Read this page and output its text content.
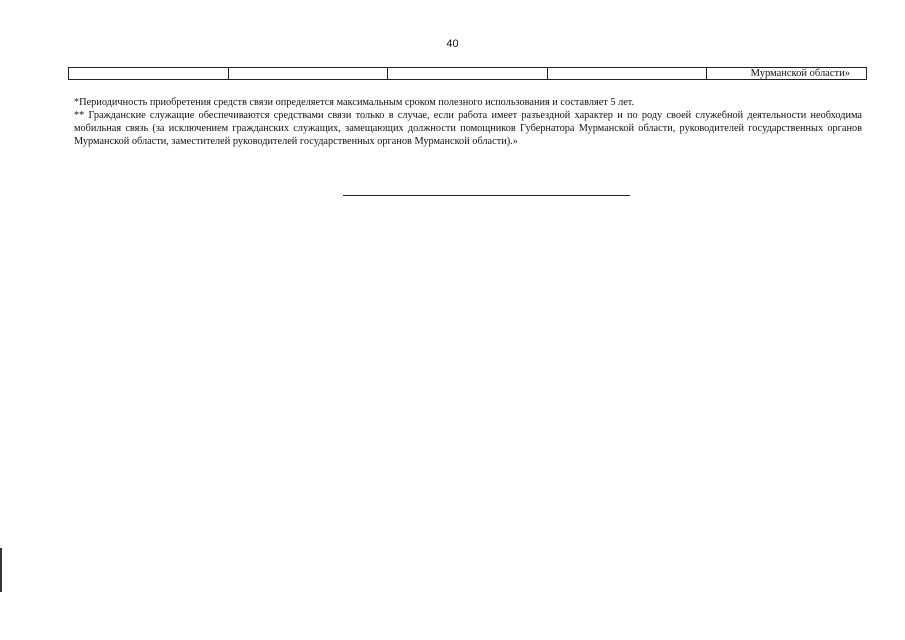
40
Мурманской области»

*Периодичность приобретения средств связи определяется максимальным сроком полезного использования и составляет 5 лет.

** Гражданские служащие обеспечиваются средствами связи только в случае, если работа имеет разъездной характер и по роду своей служебной деятельности необходима мобильная связь (за исключением гражданских служащих, замещающих должности помощников Губернатора Мурманской области, руководителей государственных органов Мурманской области, заместителей руководителей государственных органов Мурманской области).»
